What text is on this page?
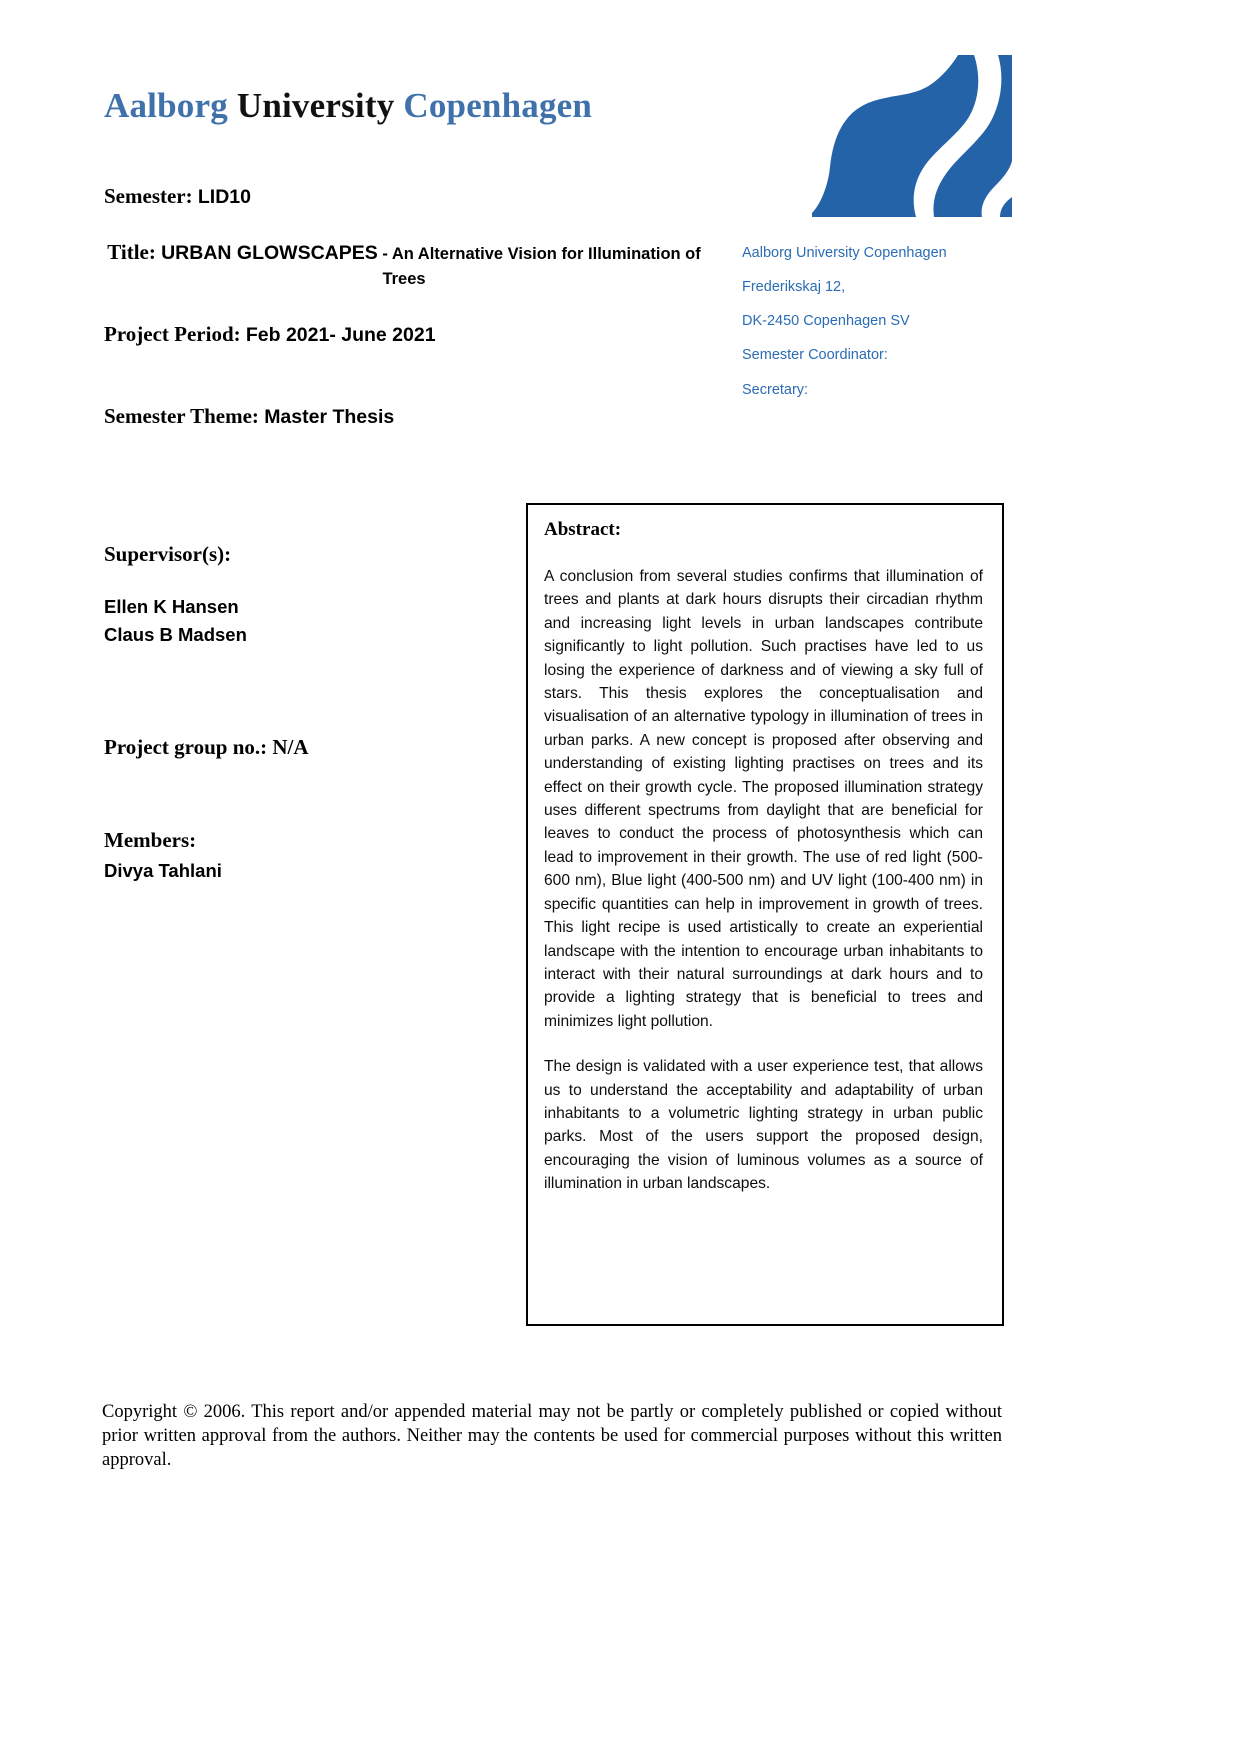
Aalborg University Copenhagen
Semester: LID10
Title: URBAN GLOWSCAPES - An Alternative Vision for Illumination of Trees
Project Period: Feb 2021- June 2021
Semester Theme: Master Thesis
Supervisor(s):
Ellen K Hansen
Claus B Madsen
Project group no.: N/A
Members:
Divya Tahlani
Aalborg University Copenhagen
Frederikskaj 12,
DK-2450 Copenhagen SV
Semester Coordinator:
Secretary:
Abstract:

A conclusion from several studies confirms that illumination of trees and plants at dark hours disrupts their circadian rhythm and increasing light levels in urban landscapes contribute significantly to light pollution. Such practises have led to us losing the experience of darkness and of viewing a sky full of stars. This thesis explores the conceptualisation and visualisation of an alternative typology in illumination of trees in urban parks. A new concept is proposed after observing and understanding of existing lighting practises on trees and its effect on their growth cycle. The proposed illumination strategy uses different spectrums from daylight that are beneficial for leaves to conduct the process of photosynthesis which can lead to improvement in their growth. The use of red light (500-600 nm), Blue light (400-500 nm) and UV light (100-400 nm) in specific quantities can help in improvement in growth of trees. This light recipe is used artistically to create an experiential landscape with the intention to encourage urban inhabitants to interact with their natural surroundings at dark hours and to provide a lighting strategy that is beneficial to trees and minimizes light pollution.

The design is validated with a user experience test, that allows us to understand the acceptability and adaptability of urban inhabitants to a volumetric lighting strategy in urban public parks. Most of the users support the proposed design, encouraging the vision of luminous volumes as a source of illumination in urban landscapes.

Copyright © 2006. This report and/or appended material may not be partly or completely published or copied without prior written approval from the authors. Neither may the contents be used for commercial purposes without this written approval.
